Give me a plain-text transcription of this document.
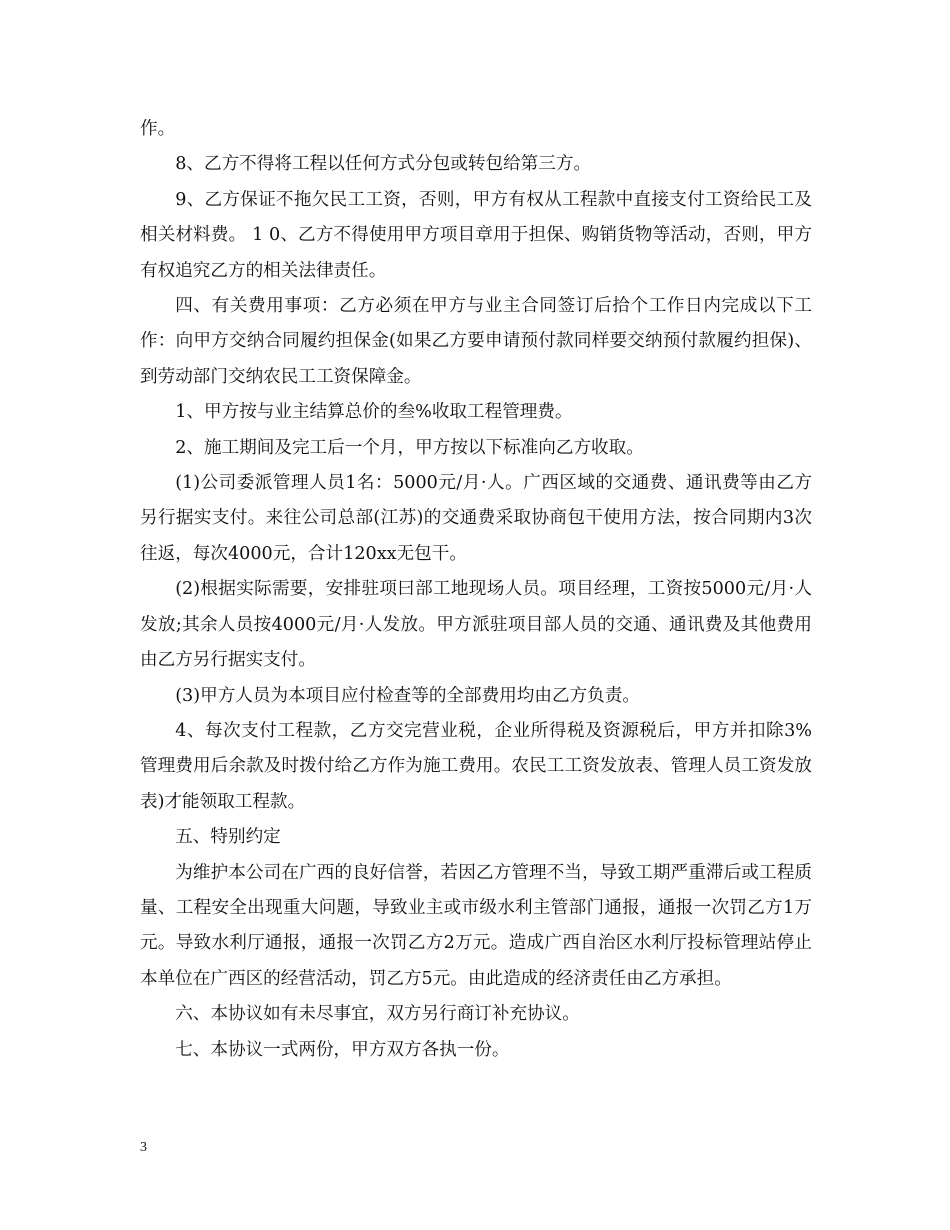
作。

8、乙方不得将工程以任何方式分包或转包给第三方。

9、乙方保证不拖欠民工工资，否则，甲方有权从工程款中直接支付工资给民工及相关材料费。 1 0、乙方不得使用甲方项目章用于担保、购销货物等活动，否则，甲方有权追究乙方的相关法律责任。

四、有关费用事项：乙方必须在甲方与业主合同签订后拾个工作日内完成以下工作：向甲方交纳合同履约担保金(如果乙方要申请预付款同样要交纳预付款履约担保)、到劳动部门交纳农民工工资保障金。

1、甲方按与业主结算总价的叁%收取工程管理费。

2、施工期间及完工后一个月，甲方按以下标准向乙方收取。

(1)公司委派管理人员1名：5000元/月·人。广西区域的交通费、通讯费等由乙方另行据实支付。来往公司总部(江苏)的交通费采取协商包干使用方法，按合同期内3次往返，每次4000元，合计120xx无包干。

(2)根据实际需要，安排驻项曰部工地现场人员。项目经理，工资按5000元/月·人发放;其余人员按4000元/月·人发放。甲方派驻项目部人员的交通、通讯费及其他费用由乙方另行据实支付。

(3)甲方人员为本项目应付检查等的全部费用均由乙方负责。

4、每次支付工程款，乙方交完营业税，企业所得税及资源税后，甲方并扣除3%管理费用后余款及时拨付给乙方作为施工费用。农民工工资发放表、管理人员工资发放表)才能领取工程款。

五、特别约定

为维护本公司在广西的良好信誉，若因乙方管理不当，导致工期严重滞后或工程质量、工程安全出现重大问题，导致业主或市级水利主管部门通报，通报一次罚乙方1万元。导致水利厅通报，通报一次罚乙方2万元。造成广西自治区水利厅投标管理站停止本单位在广西区的经营活动，罚乙方5元。由此造成的经济责任由乙方承担。

六、本协议如有未尽事宜，双方另行商订补充协议。

七、本协议一式两份，甲方双方各执一份。

3
